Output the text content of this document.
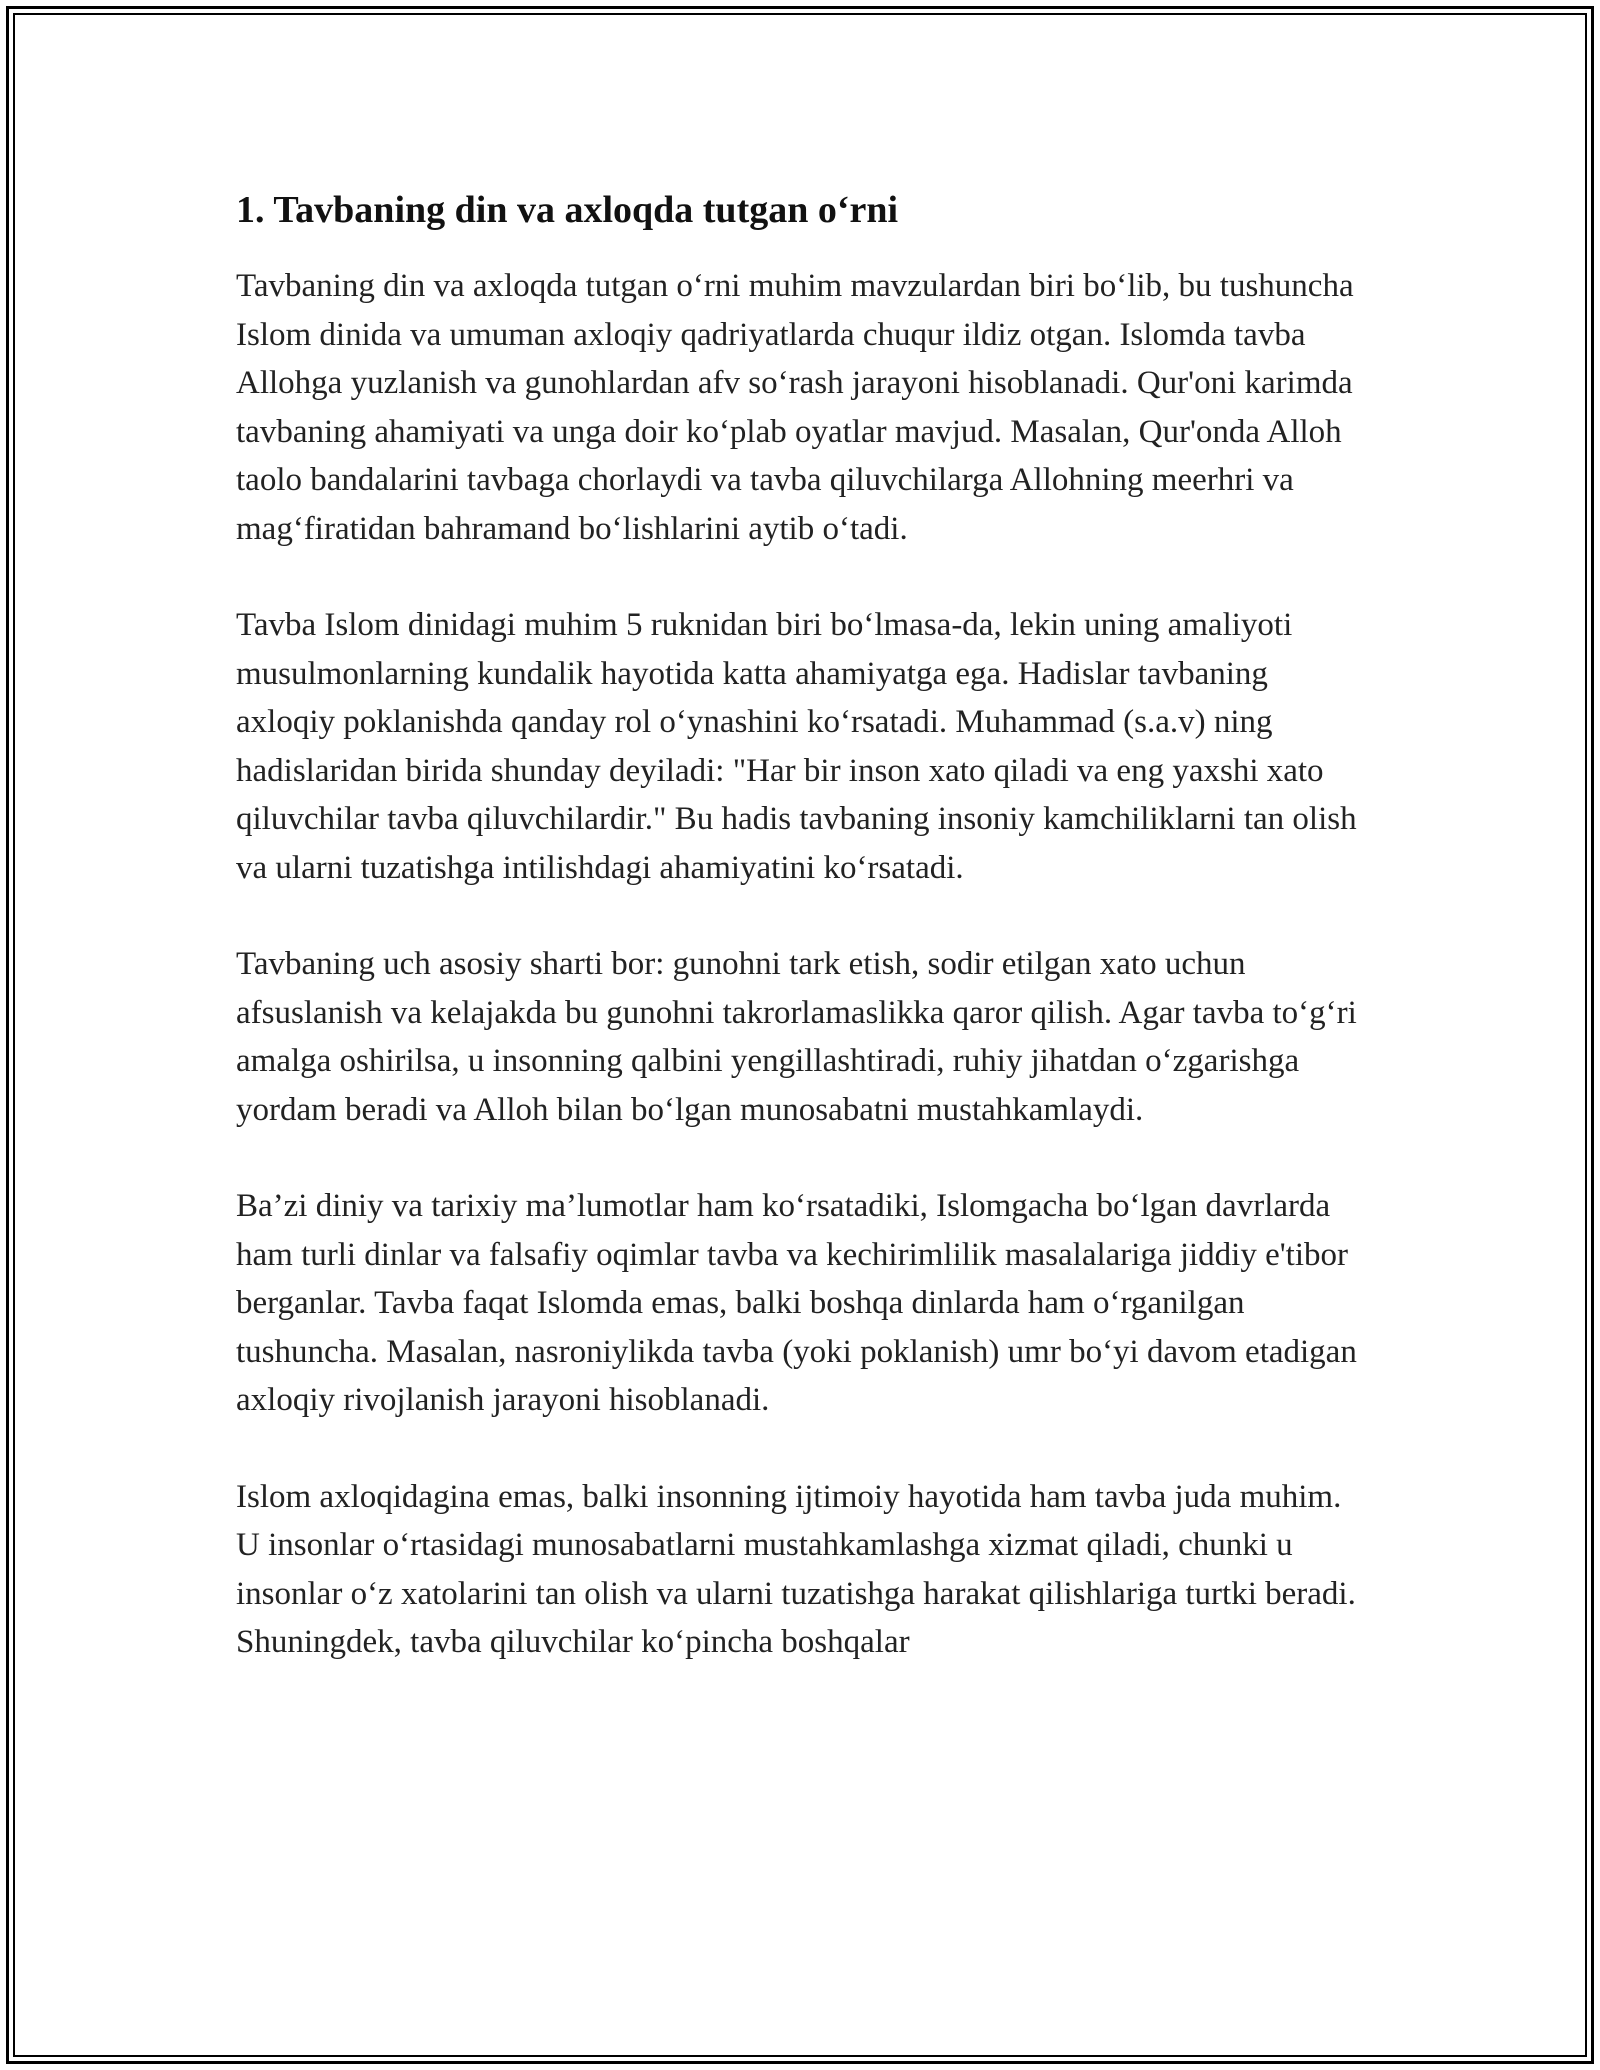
1. Tavbaning din va axloqda tutgan o‘rni

Tavbaning din va axloqda tutgan o‘rni muhim mavzulardan biri bo‘lib, bu tushuncha Islom dinida va umuman axloqiy qadriyatlarda chuqur ildiz otgan. Islomda tavba Allohga yuzlanish va gunohlardan afv so‘rash jarayoni hisoblanadi. Qur'oni karimda tavbaning ahamiyati va unga doir ko‘plab oyatlar mavjud. Masalan, Qur'onda Alloh taolo bandalarini tavbaga chorlaydi va tavba qiluvchilarga Allohning meerhri va mag‘firatidan bahramand bo‘lishlarini aytib o‘tadi.

Tavba Islom dinidagi muhim 5 ruknidan biri bo‘lmasa-da, lekin uning amaliyoti musulmonlarning kundalik hayotida katta ahamiyatga ega. Hadislar tavbaning axloqiy poklanishda qanday rol o‘ynashini ko‘rsatadi. Muhammad (s.a.v) ning hadislaridan birida shunday deyiladi: "Har bir inson xato qiladi va eng yaxshi xato qiluvchilar tavba qiluvchilardir." Bu hadis tavbaning insoniy kamchiliklarni tan olish va ularni tuzatishga intilishdagi ahamiyatini ko‘rsatadi.

Tavbaning uch asosiy sharti bor: gunohni tark etish, sodir etilgan xato uchun afsuslanish va kelajakda bu gunohni takrorlamaslikka qaror qilish. Agar tavba to‘g‘ri amalga oshirilsa, u insonning qalbini yengillashtiradi, ruhiy jihatdan o‘zgarishga yordam beradi va Alloh bilan bo‘lgan munosabatni mustahkamlaydi.

Ba’zi diniy va tarixiy ma’lumotlar ham ko‘rsatadiki, Islomgacha bo‘lgan davrlarda ham turli dinlar va falsafiy oqimlar tavba va kechirimlilik masalalariga jiddiy e'tibor berganlar. Tavba faqat Islomda emas, balki boshqa dinlarda ham o‘rganilgan tushuncha. Masalan, nasroniylikda tavba (yoki poklanish) umr bo‘yi davom etadigan axloqiy rivojlanish jarayoni hisoblanadi.

Islom axloqidagina emas, balki insonning ijtimoiy hayotida ham tavba juda muhim. U insonlar o‘rtasidagi munosabatlarni mustahkamlashga xizmat qiladi, chunki u insonlar o‘z xatolarini tan olish va ularni tuzatishga harakat qilishlariga turtki beradi. Shuningdek, tavba qiluvchilar ko‘pincha boshqalar
